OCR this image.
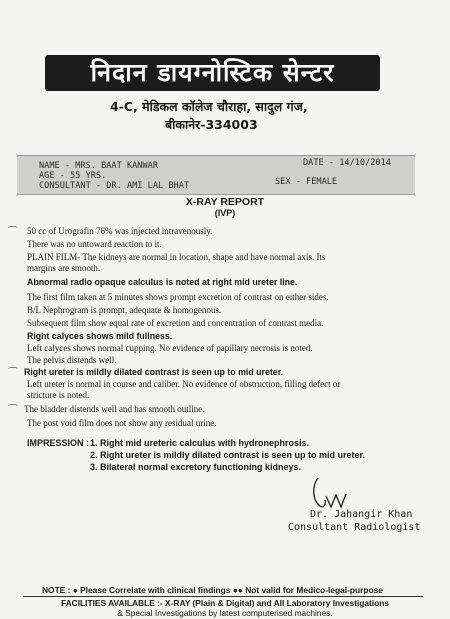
निदान डायग्नोस्टिक सेन्टर
4-C, मेडिकल कॉलेज चौराहा, सादुल गंज,
बीकानेर-334003
NAME - MRS. BAAT KANWAR
AGE - 55 YRS.
CONSULTANT - DR. AMI LAL BHAT
DATE - 14/10/2014
SEX - FEMALE
X-RAY REPORT
(IVP)
⌒ 50 cc of Urografin 76% was injected intravenously.
There was no untoward reaction to it.
PLAIN FILM- The kidneys are normal in location, shape and have normal axis. Its
margins are smooth.
Abnormal radio opaque calculus is noted at right mid ureter line.
The first film taken at 5 minutes shows prompt excretion of contrast on either sides.
B/L Nephrogram is prompt, adequate & homogenous.
Subsequent film show equal rate of excretion and concentration of contrast media.
Right calyces shows mild fullness.
Left calyces shows normal cupping. No evidence of papillary necrosis is noted.
The pelvis distends well.
⌒ Right ureter is mildly dilated contrast is seen up to mid ureter.
Left ureter is normal in course and caliber. No evidence of obstruction, filling defect or
stricture is noted.
⌒ The bladder distends well and has smooth outline.
The post void film does not show any residual urine.
IMPRESSION : 1. Right mid ureteric calculus with hydronephrosis.
2. Right ureter is mildly dilated contrast is seen up to mid ureter.
3. Bilateral normal excretory functioning kidneys.
Dr. Jahangir Khan
Consultant Radiologist
NOTE : ● Please Correlate with clinical findings ●● Not valid for Medico-legal-purpose
FACILITIES AVAILABLE :- X-RAY (Plain & Digital) and All Laboratory Investigations
& Special Investigations by latest computerised machines.
